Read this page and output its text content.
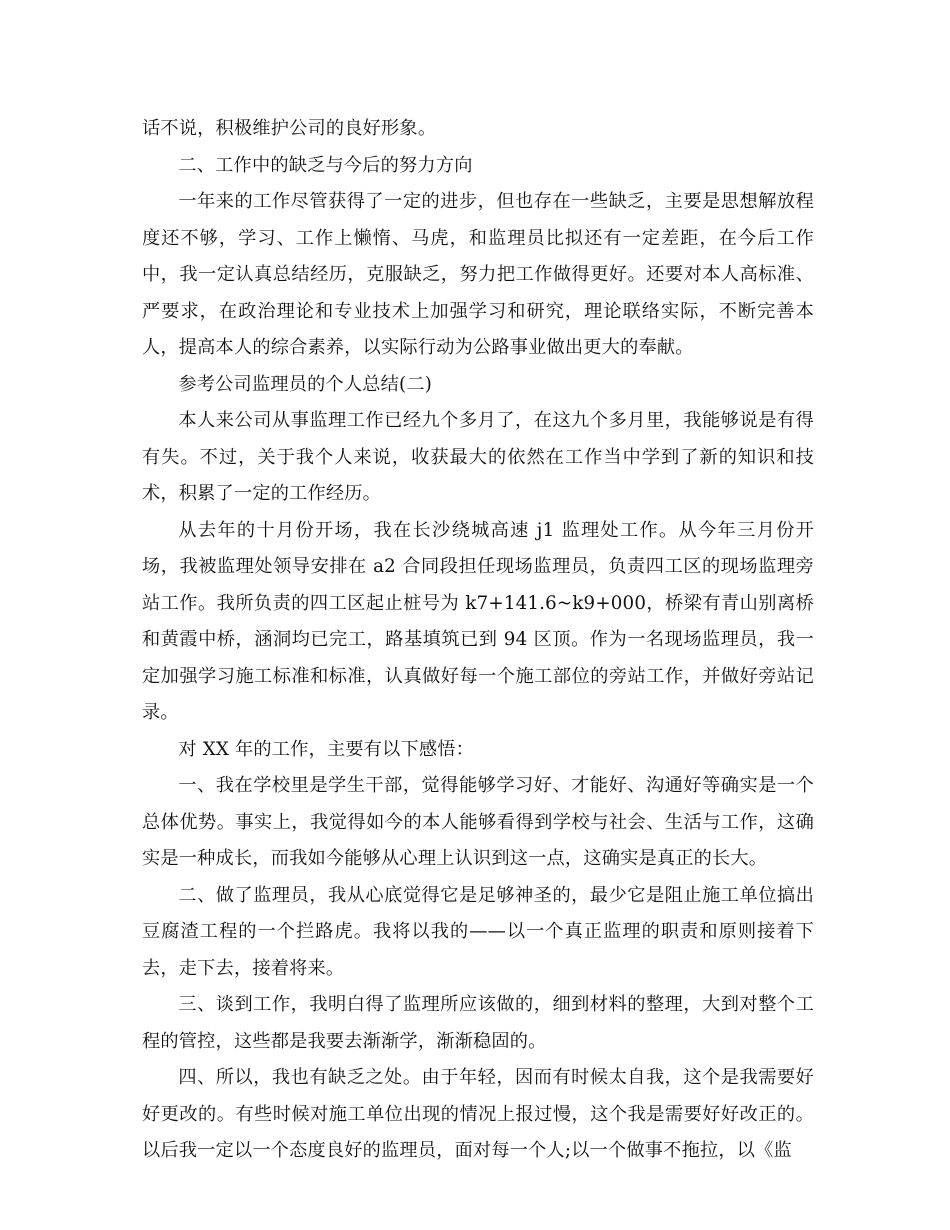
话不说，积极维护公司的良好形象。

二、工作中的缺乏与今后的努力方向

一年来的工作尽管获得了一定的进步，但也存在一些缺乏，主要是思想解放程度还不够，学习、工作上懒惰、马虎，和监理员比拟还有一定差距，在今后工作中，我一定认真总结经历，克服缺乏，努力把工作做得更好。还要对本人高标准、严要求，在政治理论和专业技术上加强学习和研究，理论联络实际，不断完善本人，提高本人的综合素养，以实际行动为公路事业做出更大的奉献。

参考公司监理员的个人总结(二)

本人来公司从事监理工作已经九个多月了，在这九个多月里，我能够说是有得有失。不过，关于我个人来说，收获最大的依然在工作当中学到了新的知识和技术，积累了一定的工作经历。

从去年的十月份开场，我在长沙绕城高速 j1 监理处工作。从今年三月份开场，我被监理处领导安排在 a2 合同段担任现场监理员，负责四工区的现场监理旁站工作。我所负责的四工区起止桩号为 k7+141.6~k9+000，桥梁有青山别离桥和黄霞中桥，涵洞均已完工，路基填筑已到 94 区顶。作为一名现场监理员，我一定加强学习施工标准和标准，认真做好每一个施工部位的旁站工作，并做好旁站记录。

对 XX 年的工作，主要有以下感悟：

一、我在学校里是学生干部，觉得能够学习好、才能好、沟通好等确实是一个总体优势。事实上，我觉得如今的本人能够看得到学校与社会、生活与工作，这确实是一种成长，而我如今能够从心理上认识到这一点，这确实是真正的长大。

二、做了监理员，我从心底觉得它是足够神圣的，最少它是阻止施工单位搞出豆腐渣工程的一个拦路虎。我将以我的——以一个真正监理的职责和原则接着下去，走下去，接着将来。

三、谈到工作，我明白得了监理所应该做的，细到材料的整理，大到对整个工程的管控，这些都是我要去渐渐学，渐渐稳固的。

四、所以，我也有缺乏之处。由于年轻，因而有时候太自我，这个是我需要好好更改的。有些时候对施工单位出现的情况上报过慢，这个我是需要好好改正的。以后我一定以一个态度良好的监理员，面对每一个人;以一个做事不拖拉，以《监
